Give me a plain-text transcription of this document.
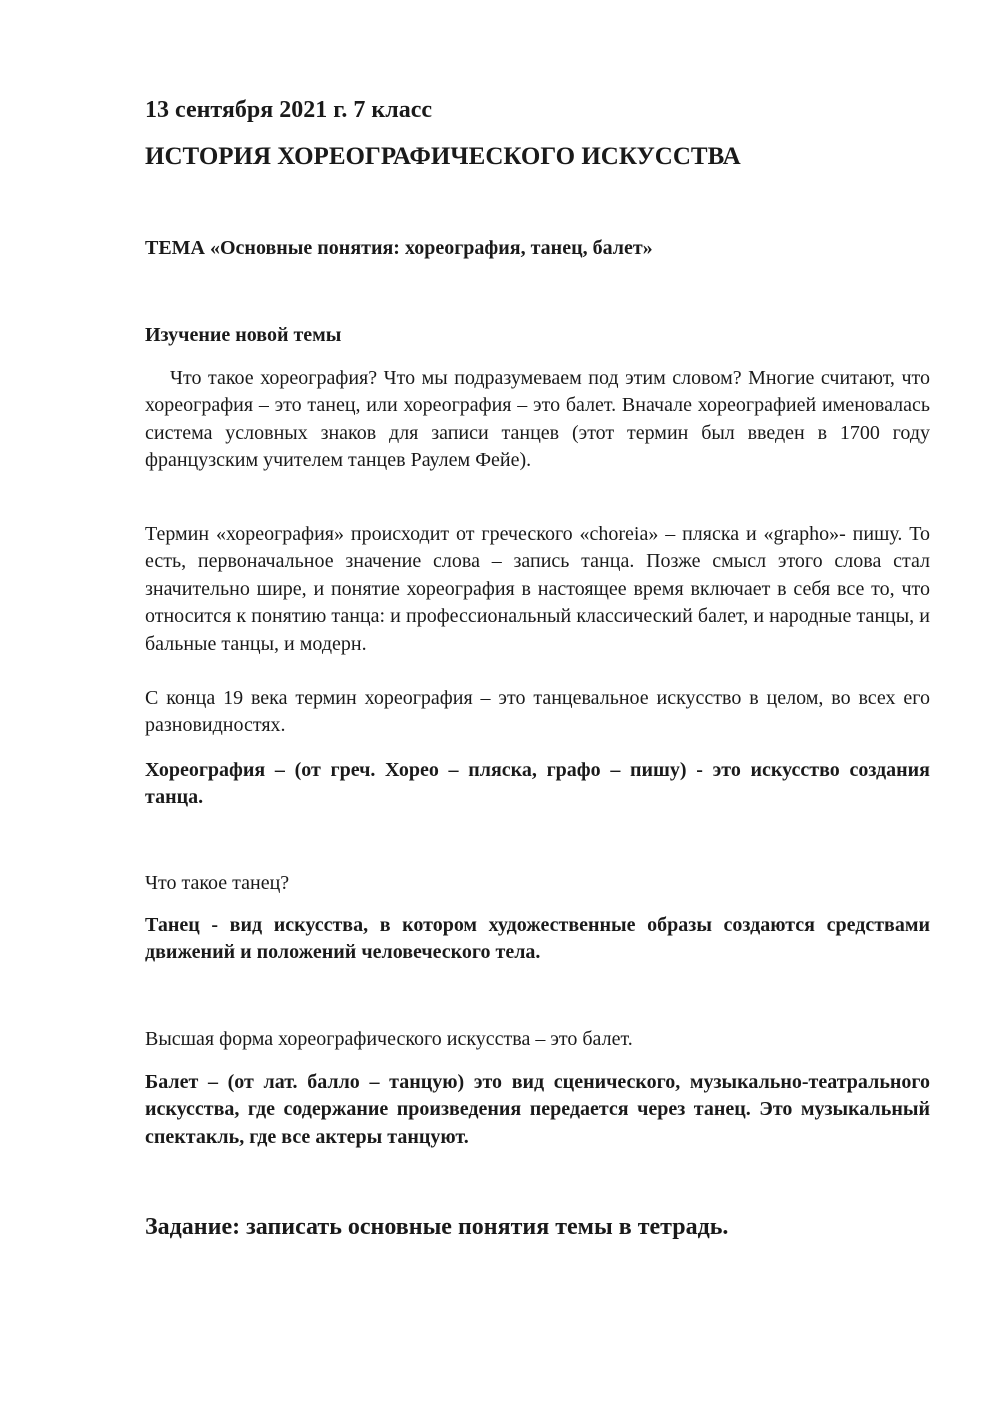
13 сентября 2021 г. 7 класс
ИСТОРИЯ ХОРЕОГРАФИЧЕСКОГО ИСКУССТВА
ТЕМА «Основные понятия: хореография, танец, балет»
Изучение новой темы
Что такое хореография? Что мы подразумеваем под этим словом? Многие считают, что хореография – это танец, или хореография – это балет. Вначале хореографией именовалась система условных знаков для записи танцев (этот термин был введен в 1700 году французским учителем танцев Раулем Фейе).
Термин «хореография» происходит от греческого «choreia» – пляска и «grapho»- пишу. То есть, первоначальное значение слова – запись танца. Позже смысл этого слова стал значительно шире, и понятие хореография в настоящее время включает в себя все то, что относится к понятию танца: и профессиональный классический балет, и народные танцы, и бальные танцы, и модерн.
С конца 19 века термин хореография – это танцевальное искусство в целом, во всех его разновидностях.
Хореография – (от греч. Хорео – пляска, графо – пишу) - это искусство создания танца.
Что такое танец?
Танец - вид искусства, в котором художественные образы создаются средствами движений и положений человеческого тела.
Высшая форма хореографического искусства – это балет.
Балет – (от лат. балло – танцую) это вид сценического, музыкально-театрального искусства, где содержание произведения передается через танец. Это музыкальный спектакль, где все актеры танцуют.
Задание: записать основные понятия темы в тетрадь.
